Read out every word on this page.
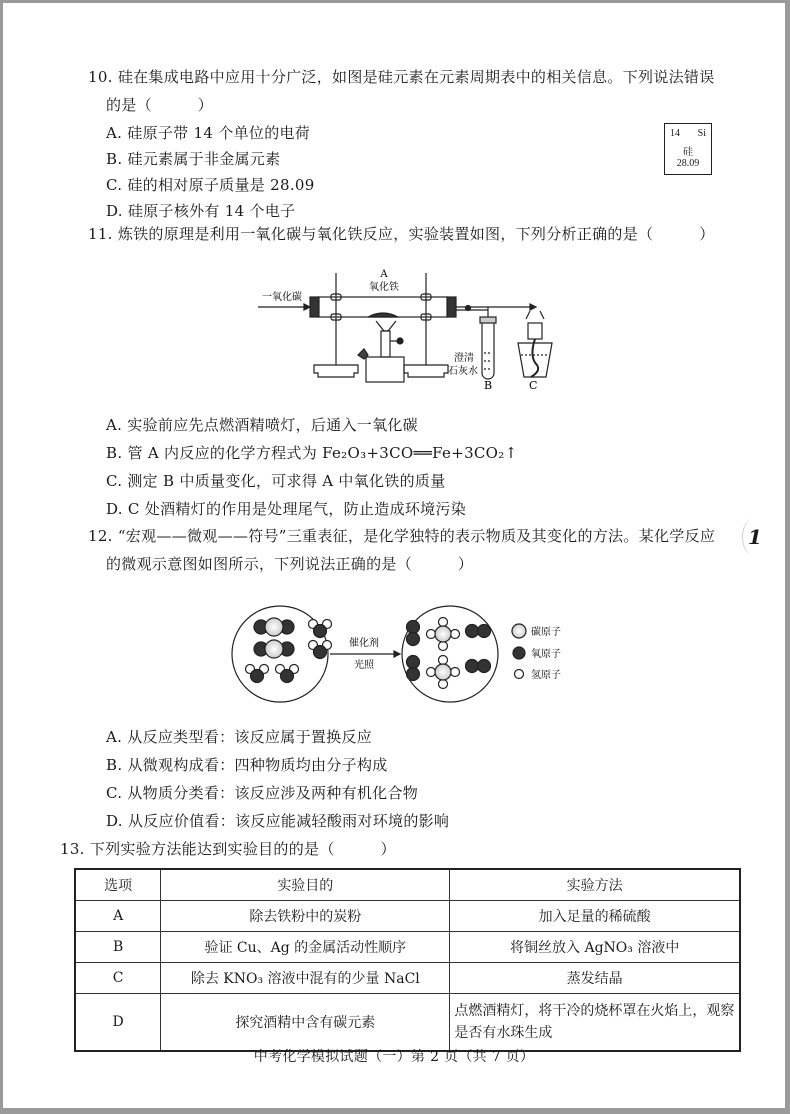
10. 硅在集成电路中应用十分广泛，如图是硅元素在元素周期表中的相关信息。下列说法错误
的是（　　　）
A. 硅原子带 14 个单位的电荷
B. 硅元素属于非金属元素
C. 硅的相对原子质量是 28.09
D. 硅原子核外有 14 个电子
14 Si
硅
28.09
11. 炼铁的原理是利用一氧化碳与氧化铁反应，实验装置如图，下列分析正确的是（　　　）
A
氧化铁
一氧化碳
澄清
石灰水
B	C
A. 实验前应先点燃酒精喷灯，后通入一氧化碳
B. 管 A 内反应的化学方程式为 Fe₂O₃+3CO══Fe+3CO₂↑
C. 测定 B 中质量变化，可求得 A 中氧化铁的质量
D. C 处酒精灯的作用是处理尾气，防止造成环境污染
12. “宏观——微观——符号”三重表征，是化学独特的表示物质及其变化的方法。某化学反应
的微观示意图如图所示，下列说法正确的是（　　　）
1
催化剂
光照
碳原子
氧原子
氢原子
A. 从反应类型看：该反应属于置换反应
B. 从微观构成看：四种物质均由分子构成
C. 从物质分类看：该反应涉及两种有机化合物
D. 从反应价值看：该反应能减轻酸雨对环境的影响
13. 下列实验方法能达到实验目的的是（　　　）
选项	实验目的	实验方法
A	除去铁粉中的炭粉	加入足量的稀硫酸
B	验证 Cu、Ag 的金属活动性顺序	将铜丝放入 AgNO₃ 溶液中
C	除去 KNO₃ 溶液中混有的少量 NaCl	蒸发结晶
D	探究酒精中含有碳元素	点燃酒精灯，将干冷的烧杯罩在火焰上，观察是否有水珠生成
中考化学模拟试题（一）第 2 页（共 7 页）
